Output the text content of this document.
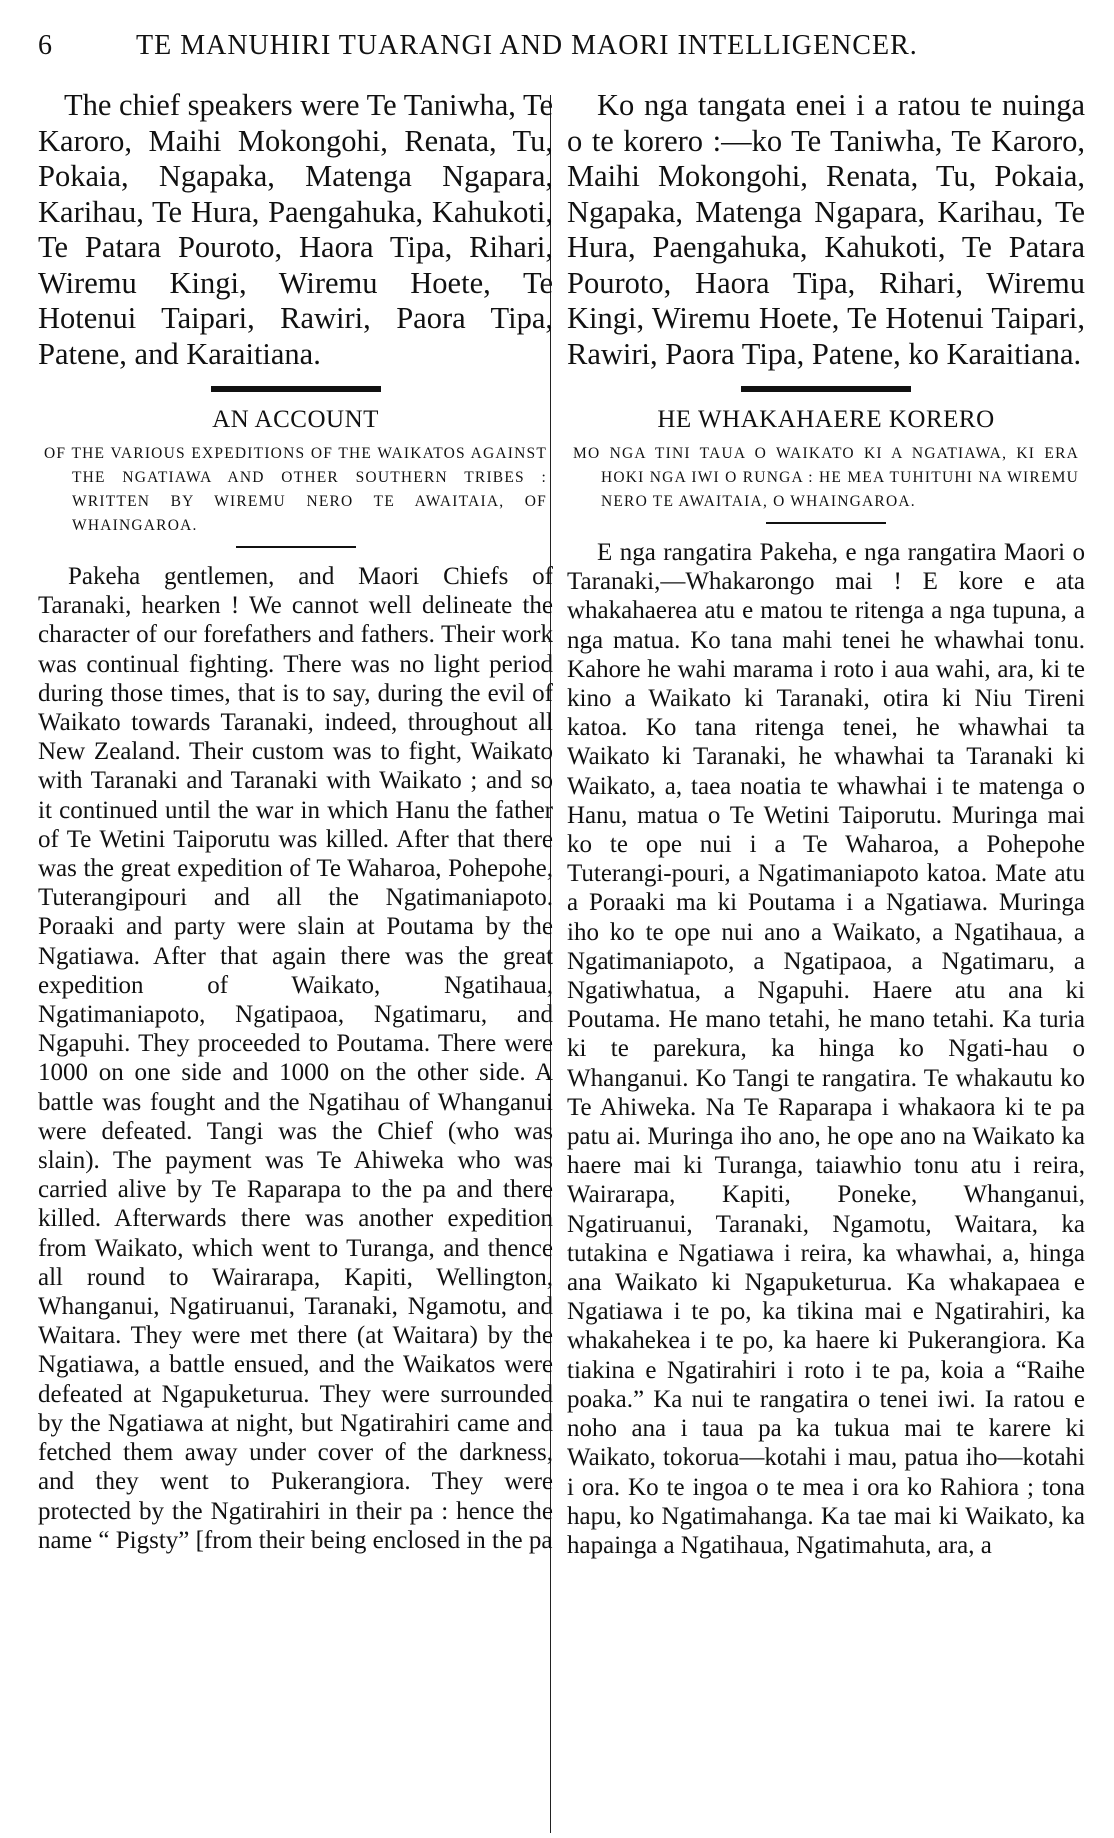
6	TE MANUHIRI TUARANGI AND MAORI INTELLIGENCER.

The chief speakers were Te Taniwha, Te Karoro, Maihi Mokongohi, Renata, Tu, Pokaia, Ngapaka, Matenga Ngapara, Karihau, Te Hura, Paengahuka, Kahukoti, Te Patara Pouroto, Haora Tipa, Rihari, Wiremu Kingi, Wiremu Hoete, Te Hotenui Taipari, Rawiri, Paora Tipa, Patene, and Karaitiana.

AN ACCOUNT

OF THE VARIOUS EXPEDITIONS OF THE WAIKATOS AGAINST THE NGATIAWA AND OTHER SOUTHERN TRIBES : WRITTEN BY WIREMU NERO TE AWAITAIA, OF WHAINGAROA.

Pakeha gentlemen, and Maori Chiefs of Taranaki, hearken ! We cannot well delineate the character of our forefathers and fathers. Their work was continual fighting. There was no light period during those times, that is to say, during the evil of Waikato towards Taranaki, indeed, throughout all New Zealand. Their custom was to fight, Waikato with Taranaki and Taranaki with Waikato ; and so it continued until the war in which Hanu the father of Te Wetini Taiporutu was killed. After that there was the great expedition of Te Waharoa, Pohepohe, Tuterangipouri and all the Ngatimaniapoto. Poraaki and party were slain at Poutama by the Ngatiawa. After that again there was the great expedition of Waikato, Ngatihaua, Ngatimaniapoto, Ngatipaoa, Ngatimaru, and Ngapuhi. They proceeded to Poutama. There were 1000 on one side and 1000 on the other side. A battle was fought and the Ngatihau of Whanganui were defeated. Tangi was the Chief (who was slain). The payment was Te Ahiweka who was carried alive by Te Raparapa to the pa and there killed. Afterwards there was another expedition from Waikato, which went to Turanga, and thence all round to Wairarapa, Kapiti, Wellington, Whanganui, Ngatiruanui, Taranaki, Ngamotu, and Waitara. They were met there (at Waitara) by the Ngatiawa, a battle ensued, and the Waikatos were defeated at Ngapuketurua. They were surrounded by the Ngatiawa at night, but Ngatirahiri came and fetched them away under cover of the darkness, and they went to Pukerangiora. They were protected by the Ngatirahiri in their pa : hence the name “ Pigsty” [from their being enclosed in the pa

Ko nga tangata enei i a ratou te nuinga o te korero :—ko Te Taniwha, Te Karoro, Maihi Mokongohi, Renata, Tu, Pokaia, Ngapaka, Matenga Ngapara, Karihau, Te Hura, Paengahuka, Kahukoti, Te Patara Pouroto, Haora Tipa, Rihari, Wiremu Kingi, Wiremu Hoete, Te Hotenui Taipari, Rawiri, Paora Tipa, Patene, ko Karaitiana.

HE WHAKAHAERE KORERO

MO NGA TINI TAUA O WAIKATO KI A NGATIAWA, KI ERA HOKI NGA IWI O RUNGA : HE MEA TUHITUHI NA WIREMU NERO TE AWAITAIA, O WHAINGAROA.

E nga rangatira Pakeha, e nga rangatira Maori o Taranaki,—Whakarongo mai ! E kore e ata whakahaerea atu e matou te ritenga a nga tupuna, a nga matua. Ko tana mahi tenei he whawhai tonu. Kahore he wahi marama i roto i aua wahi, ara, ki te kino a Waikato ki Taranaki, otira ki Niu Tireni katoa. Ko tana ritenga tenei, he whawhai ta Waikato ki Taranaki, he whawhai ta Taranaki ki Waikato, a, taea noatia te whawhai i te matenga o Hanu, matua o Te Wetini Taiporutu. Muringa mai ko te ope nui i a Te Waharoa, a Pohepohe Tuterangi-pouri, a Ngatimaniapoto katoa. Mate atu a Poraaki ma ki Poutama i a Ngatiawa. Muringa iho ko te ope nui ano a Waikato, a Ngatihaua, a Ngatimaniapoto, a Ngatipaoa, a Ngatimaru, a Ngatiwhatua, a Ngapuhi. Haere atu ana ki Poutama. He mano tetahi, he mano tetahi. Ka turia ki te parekura, ka hinga ko Ngati-hau o Whanganui. Ko Tangi te rangatira. Te whakautu ko Te Ahiweka. Na Te Raparapa i whakaora ki te pa patu ai. Muringa iho ano, he ope ano na Waikato ka haere mai ki Turanga, taiawhio tonu atu i reira, Wairarapa, Kapiti, Poneke, Whanganui, Ngatiruanui, Taranaki, Ngamotu, Waitara, ka tutakina e Ngatiawa i reira, ka whawhai, a, hinga ana Waikato ki Ngapuketurua. Ka whakapaea e Ngatiawa i te po, ka tikina mai e Ngatirahiri, ka whakahekea i te po, ka haere ki Pukerangiora. Ka tiakina e Ngatirahiri i roto i te pa, koia a “Raihe poaka.” Ka nui te rangatira o tenei iwi. Ia ratou e noho ana i taua pa ka tukua mai te karere ki Waikato, tokorua—kotahi i mau, patua iho—kotahi i ora. Ko te ingoa o te mea i ora ko Rahiora ; tona hapu, ko Ngatimahanga. Ka tae mai ki Waikato, ka hapainga a Ngatihaua, Ngatimahuta, ara, a
